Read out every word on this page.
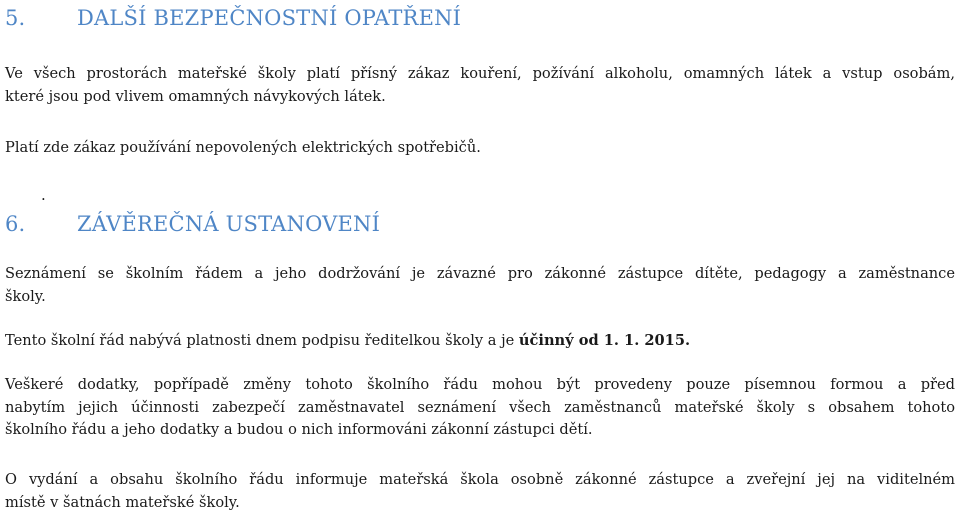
5. DALŠÍ BEZPEČNOSTNÍ OPATŘENÍ
Ve všech prostorách mateřské školy platí přísný zákaz kouření, požívání alkoholu, omamných látek a vstup osobám,
které jsou pod vlivem omamných návykových látek.
Platí zde zákaz používání nepovolených elektrických spotřebičů.
.
6. ZÁVĚREČNÁ USTANOVENÍ
Seznámení se školním řádem a jeho dodržování je závazné pro zákonné zástupce dítěte, pedagogy a zaměstnance
školy.
Tento školní řád nabývá platnosti dnem podpisu ředitelkou školy a je účinný od 1. 1. 2015.
Veškeré dodatky, popřípadě změny tohoto školního řádu mohou být provedeny pouze písemnou formou a před
nabytím jejich účinnosti zabezpečí zaměstnavatel seznámení všech zaměstnanců mateřské školy s obsahem tohoto
školního řádu a jeho dodatky a budou o nich informováni zákonní zástupci dětí.
O vydání a obsahu školního řádu informuje mateřská škola osobně zákonné zástupce a zveřejní jej na viditelném
místě v šatnách mateřské školy.
